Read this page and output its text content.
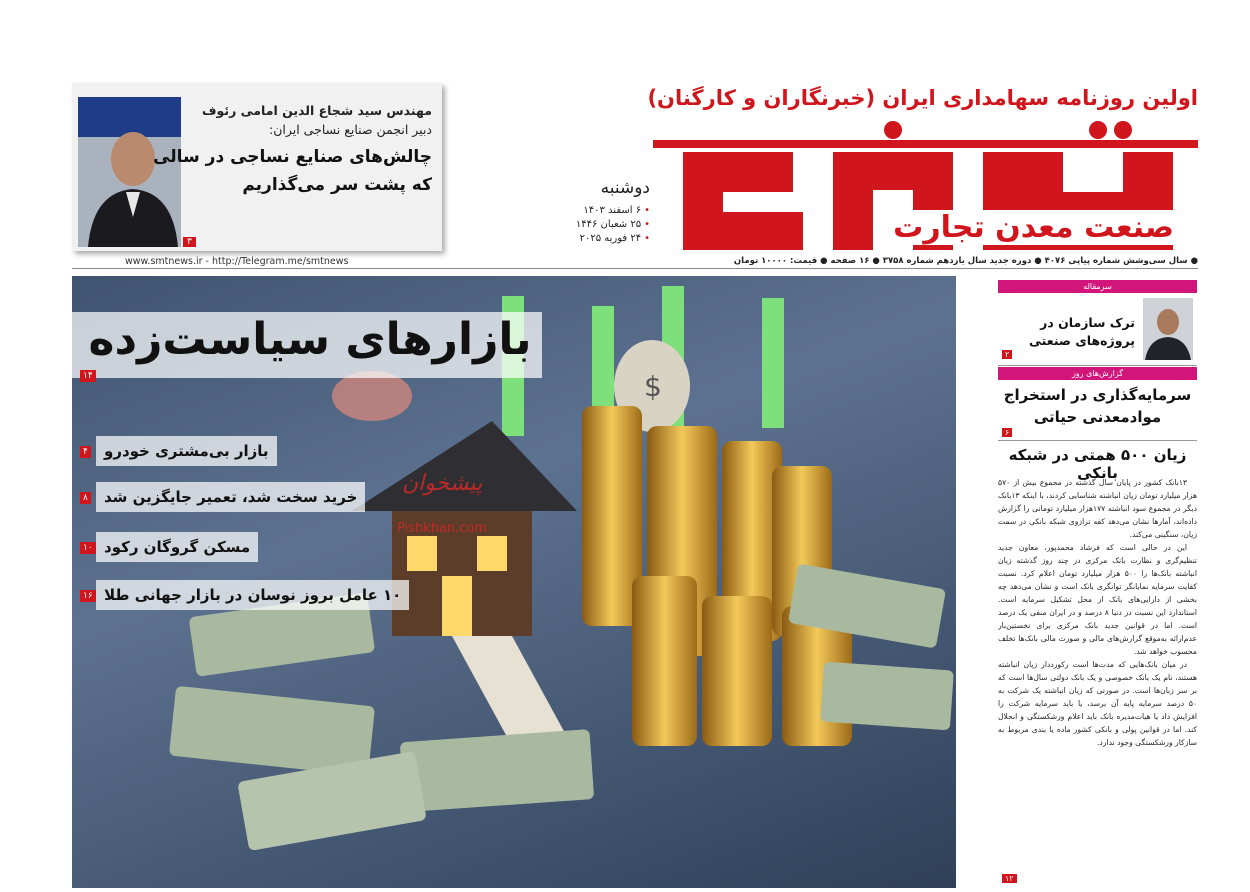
اولین روزنامه سهامداری ایران (خبرنگاران و کارگنان)
دوشنبه
• ۶ اسفند ۱۴۰۳
• ۲۵ شعبان ۱۴۴۶
• ۲۴ فوریه ۲۰۲۵
مهندس سید شجاع الدین امامی رئوف
دبیر انجمن صنایع نساجی ایران:
چالش‌های صنایع نساجی در سالی
که پشت سر می‌گذاریم
۳
● سال سی‌وشش شماره پیاپی ۴۰۷۶ ● دوره جدید سال یازدهم شماره ۳۷۵۸ ● ۱۶ صفحه ● قیمت: ۱۰۰۰۰ تومان
www.smtnews.ir - http://Telegram.me/smtnews
$
بازارهای سیاست‌زده
۱۴
بازار بی‌مشتری خودرو
۴
خرید سخت شد، تعمیر جایگزین شد
۸
مسکن گروگان رکود
۱۰
۱۰ عامل بروز نوسان در بازار جهانی طلا
۱۶
پیشخوان
Pishkhan.com
سرمقاله
ترک سازمان در پروژه‌های صنعتی
۲
گزارش‌های روز
سرمایه‌گذاری در استخراج موادمعدنی حیاتی
۶
زیان ۵۰۰ همتی در شبکه بانکی

۱۳بانک کشور در پایان سال گذشته در مجموع بیش از ۵۷۰ هزار میلیارد تومان زیان انباشته شناسایی کردند، با اینکه ۱۳بانک دیگر در مجموع سود انباشته ۱۷۷هزار میلیارد تومانی را گزارش داده‌اند، آمارها نشان می‌دهد کفه ترازوی شبکه بانکی در سمت زیان، سنگینی می‌کند.

این در حالی است که فرشاد محمدپور، معاون جدید تنظیم‌گری و نظارت بانک مرکزی در چند روز گذشته زیان انباشته بانک‌ها را ۵۰۰ هزار میلیارد تومان اعلام کرد. نسبت کفایت سرمایه نمایانگر توانگری بانک است و نشان می‌دهد چه بخشی از دارایی‌های بانک از محل تشکیل سرمایه است. استاندارد این نسبت در دنیا ۸ درصد و در ایران منفی یک درصد است. اما در قوانین جدید بانک مرکزی برای نخستین‌بار عدم‌ارائه به‌موقع گزارش‌های مالی و صورت مالی بانک‌ها تخلف محسوب خواهد شد.

در میان بانک‌هایی که مدت‌ها است رکورددار زیان انباشته هستند، نام یک بانک خصوصی و یک بانک دولتی سال‌ها است که بر سر زبان‌ها است. در صورتی که زیان انباشته یک شرکت به ۵۰ درصد سرمایه پایه آن برسد، یا باید سرمایه شرکت را افزایش داد یا هیات‌مدیره بانک باید اعلام ورشکستگی و انحلال کند. اما در قوانین پولی و بانکی کشور ماده یا بندی مربوط به سازکار ورشکستگی وجود ندارد.

۱۲
صنعت معدن تجارت
